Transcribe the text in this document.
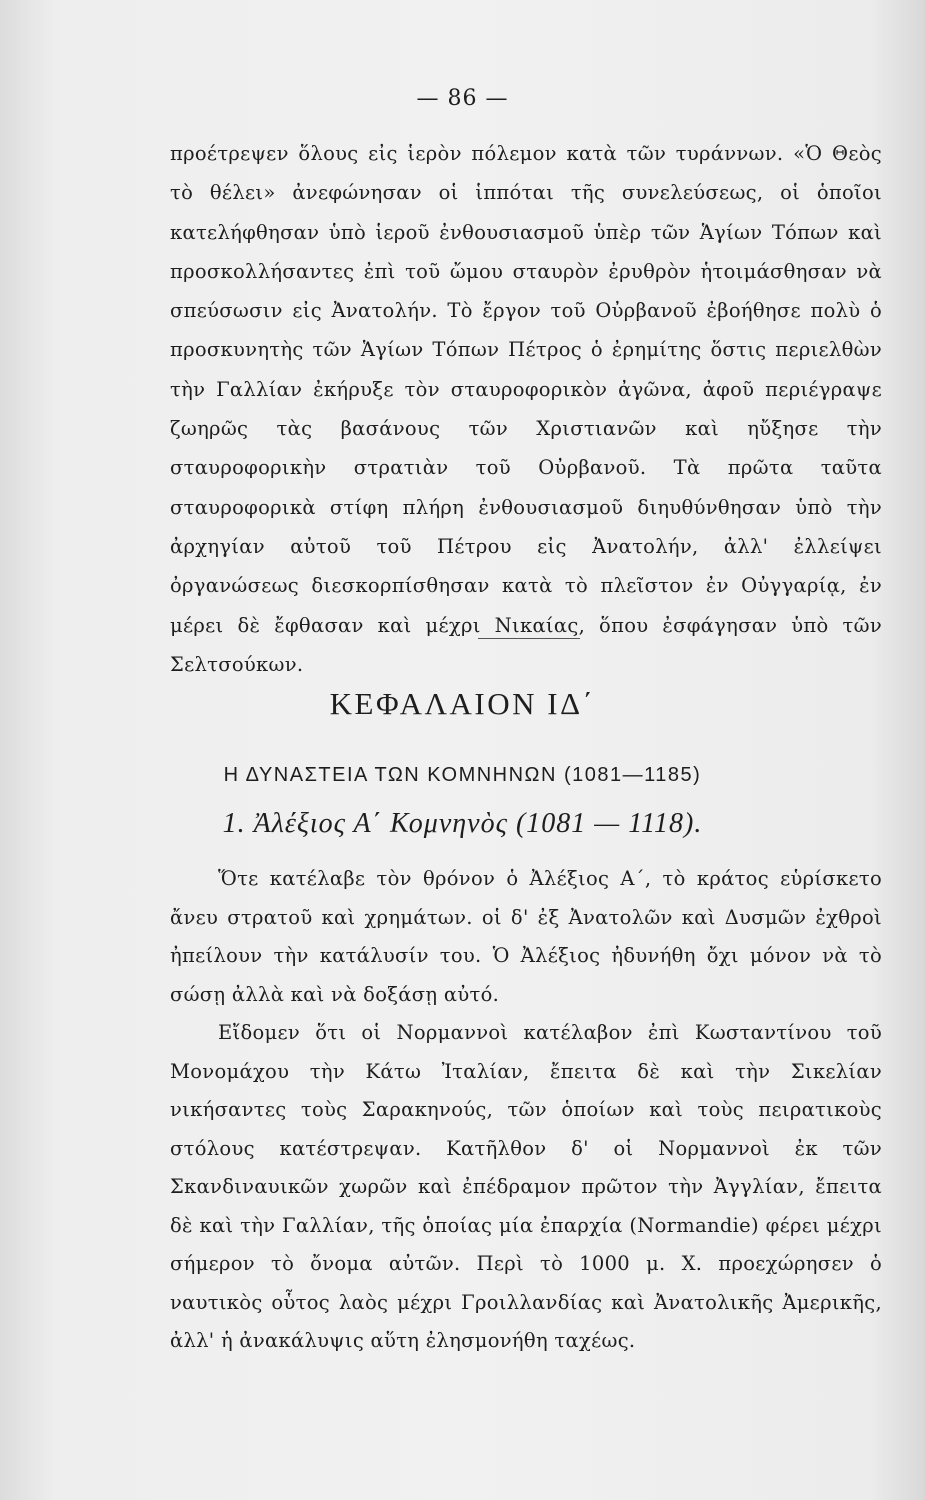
— 86 —

προέτρεψεν ὅλους εἰς ἱερὸν πόλεμον κατὰ τῶν τυράννων. «Ὁ Θεὸς τὸ θέλει» ἀνεφώνησαν οἱ ἱππόται τῆς συνελεύσεως, οἱ ὁποῖοι κατελήφθησαν ὑπὸ ἱεροῦ ἐνθουσιασμοῦ ὑπὲρ τῶν Ἁγίων Τόπων καὶ προσκολλήσαντες ἐπὶ τοῦ ὤμου σταυρὸν ἐρυθρὸν ἡτοιμάσθησαν νὰ σπεύσωσιν εἰς Ἀνατολήν. Τὸ ἔργον τοῦ Οὐρβανοῦ ἐβοήθησε πολὺ ὁ προσκυνητὴς τῶν Ἁγίων Τόπων Πέτρος ὁ ἐρημίτης ὅστις περιελθὼν τὴν Γαλλίαν ἐκήρυξε τὸν σταυροφορικὸν ἀγῶνα, ἀφοῦ περιέγραψε ζωηρῶς τὰς βασάνους τῶν Χριστιανῶν καὶ ηὔξησε τὴν σταυροφορικὴν στρατιὰν τοῦ Οὐρβανοῦ. Τὰ πρῶτα ταῦτα σταυροφορικὰ στίφη πλήρη ἐνθουσιασμοῦ διηυθύνθησαν ὑπὸ τὴν ἀρχηγίαν αὐτοῦ τοῦ Πέτρου εἰς Ἀνατολήν, ἀλλ' ἐλλείψει ὀργανώσεως διεσκορπίσθησαν κατὰ τὸ πλεῖστον ἐν Οὐγγαρίᾳ, ἐν μέρει δὲ ἔφθασαν καὶ μέχρι Νικαίας, ὅπου ἐσφάγησαν ὑπὸ τῶν Σελτσούκων.

ΚΕΦΑΛΑΙΟΝ ΙΔ΄
Η ΔΥΝΑΣΤΕΙΑ ΤΩΝ ΚΟΜΝΗΝΩΝ (1081—1185)
1. Ἀλέξιος Α΄ Κομνηνὸς (1081 — 1118).

Ὅτε κατέλαβε τὸν θρόνον ὁ Ἀλέξιος Α΄, τὸ κράτος εὑρίσκετο ἄνευ στρατοῦ καὶ χρημάτων. οἱ δ' ἐξ Ἀνατολῶν καὶ Δυσμῶν ἐχθροὶ ἠπείλουν τὴν κατάλυσίν του. Ὁ Ἀλέξιος ἠδυνήθη ὄχι μόνον νὰ τὸ σώσῃ ἀλλὰ καὶ νὰ δοξάσῃ αὐτό.

Εἴδομεν ὅτι οἱ Νορμαννοὶ κατέλαβον ἐπὶ Κωσταντίνου τοῦ Μονομάχου τὴν Κάτω Ἰταλίαν, ἔπειτα δὲ καὶ τὴν Σικελίαν νικήσαντες τοὺς Σαρακηνούς, τῶν ὁποίων καὶ τοὺς πειρατικοὺς στόλους κατέστρεψαν. Κατῆλθον δ' οἱ Νορμαννοὶ ἐκ τῶν Σκανδιναυικῶν χωρῶν καὶ ἐπέδραμον πρῶτον τὴν Ἀγγλίαν, ἔπειτα δὲ καὶ τὴν Γαλλίαν, τῆς ὁποίας μία ἐπαρχία (Normandie) φέρει μέχρι σήμερον τὸ ὄνομα αὐτῶν. Περὶ τὸ 1000 μ. Χ. προεχώρησεν ὁ ναυτικὸς οὗτος λαὸς μέχρι Γροιλλανδίας καὶ Ἀνατολικῆς Ἀμερικῆς, ἀλλ' ἡ ἀνακάλυψις αὕτη ἐλησμονήθη ταχέως.
